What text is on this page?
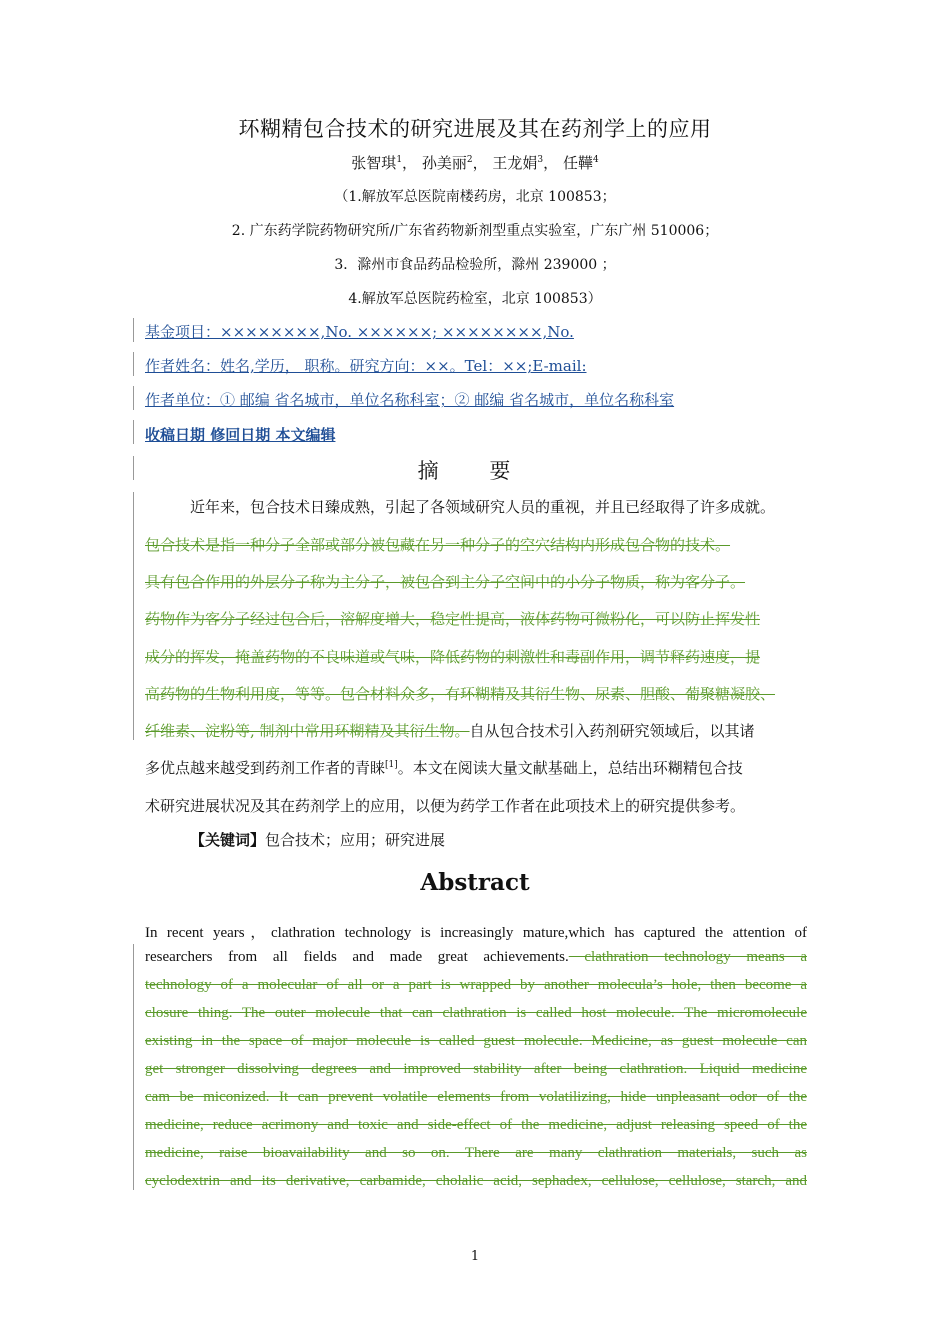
环糊精包合技术的研究进展及其在药剂学上的应用
张智琪$^1$， 孙美丽$^2$， 王龙娟$^3$， 任鞾$^4$
（1.解放军总医院南楼药房，北京 100853；
2. 广东药学院药物研究所/广东省药物新剂型重点实验室，广东广州 510006；
3．滁州市食品药品检验所，滁州 239000 ；
4.解放军总医院药检室，北京 100853）
基金项目：××××××××,No. ××××××; ××××××××,No.
作者姓名：姓名,学历， 职称。研究方向：××。Tel：××;E-mail:
作者单位：① 邮编 省名城市，单位名称科室；② 邮编 省名城市，单位名称科室
收稿日期 修回日期 本文编辑
摘 要
近年来，包合技术日臻成熟，引起了各领域研究人员的重视，并且已经取得了许多成就。
包合技术是指一种分子全部或部分被包藏在另一种分子的空穴结构内形成包合物的技术。
具有包合作用的外层分子称为主分子，被包合到主分子空间中的小分子物质，称为客分子。
药物作为客分子经过包合后，溶解度增大，稳定性提高，液体药物可微粉化，可以防止挥发性
成分的挥发，掩盖药物的不良味道或气味，降低药物的刺激性和毒副作用，调节释药速度，提
高药物的生物利用度，等等。包合材料众多，有环糊精及其衍生物、尿素、胆酸、葡聚糖凝胶、
纤维素、淀粉等, 制剂中常用环糊精及其衍生物。自从包合技术引入药剂研究领域后，以其诸
多优点越来越受到药剂工作者的青睐[1]。本文在阅读大量文献基础上，总结出环糊精包合技
术研究进展状况及其在药剂学上的应用，以便为药学工作者在此项技术上的研究提供参考。
【关键词】包合技术；应用；研究进展
Abstract
In recent years，clathration technology is increasingly mature,which has captured the attention of
researchers from all fields and made great achievements. clathration technology means a
technology of a molecular of all or a part is wrapped by another molecula’s hole, then become a
closure thing. The outer molecule that can clathration is called host molecule. The micromolecule
existing in the space of major molecule is called guest molecule. Medicine, as guest molecule can
get stronger dissolving degrees and improved stability after being clathration. Liquid medicine
cam be miconized. It can prevent volatile elements from volatilizing, hide unpleasant odor of the
medicine, reduce acrimony and toxic and side-effect of the medicine, adjust releasing speed of the
medicine, raise bioavailability and so on. There are many clathration materials, such as
cyclodextrin and its derivative, carbamide, cholalic acid, sephadex, cellulose, cellulose, starch, and
1
